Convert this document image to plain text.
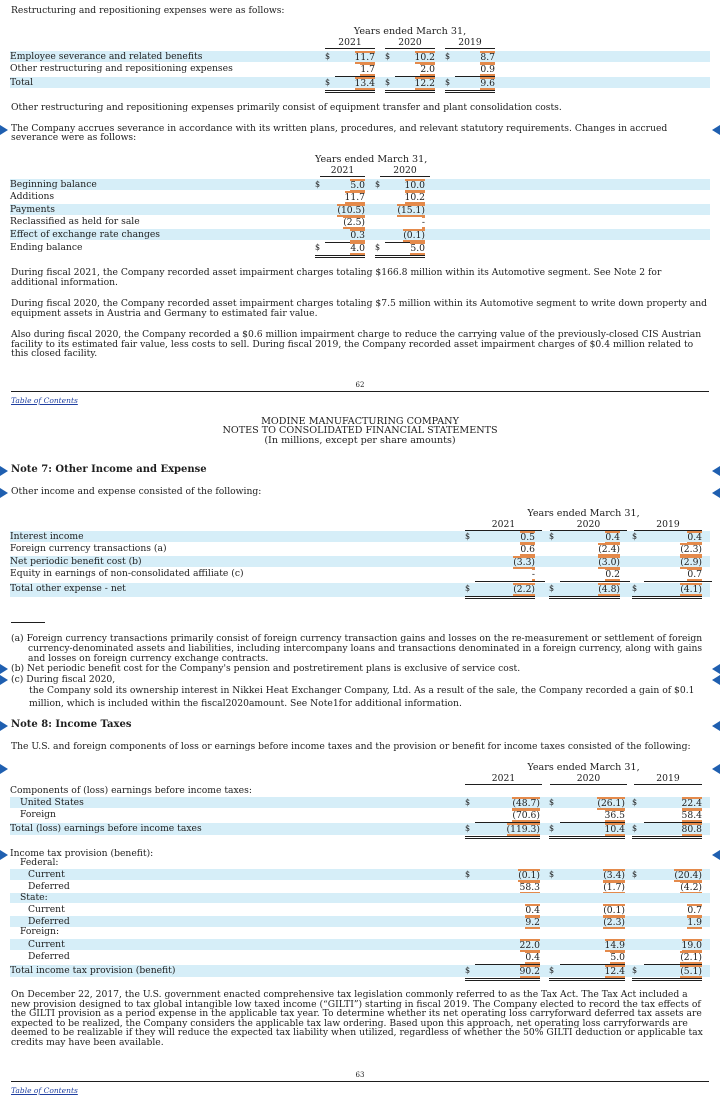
Restructuring and repositioning expenses were as follows:
Years ended March 31,
2021	2020	2019
Employee severance and related benefits	$	11.7 $	10.2 $	8.7
Other restructuring and repositioning expenses	1.7	2.0	0.9
Total	$	13.4 $	12.2 $	9.6
Other restructuring and repositioning expenses primarily consist of equipment transfer and plant consolidation costs.
The Company accrues severance in accordance with its written plans, procedures, and relevant statutory requirements. Changes in accrued severance were as follows:
Years ended March 31,
2021	2020
Beginning balance	$	5.0 $	10.0
Additions	11.7	10.2
Payments	(10.5)	(15.1)
Reclassified as held for sale	(2.5)	-
Effect of exchange rate changes	0.3	(0.1)
Ending balance	$	4.0 $	5.0
During fiscal 2021, the Company recorded asset impairment charges totaling $166.8 million within its Automotive segment. See Note 2 for additional information.
During fiscal 2020, the Company recorded asset impairment charges totaling $7.5 million within its Automotive segment to write down property and equipment assets in Austria and Germany to estimated fair value.
Also during fiscal 2020, the Company recorded a $0.6 million impairment charge to reduce the carrying value of the previously-closed CIS Austrian facility to its estimated fair value, less costs to sell. During fiscal 2019, the Company recorded asset impairment charges of $0.4 million related to this closed facility.
62
Table of Contents
MODINE MANUFACTURING COMPANY
NOTES TO CONSOLIDATED FINANCIAL STATEMENTS
(In millions, except per share amounts)
Note 7: Other Income and Expense
Other income and expense consisted of the following:
Years ended March 31,
2021	2020	2019
Interest income	$	0.5 $	0.4 $	0.4
Foreign currency transactions (a)	0.6	(2.4)	(2.3)
Net periodic benefit cost (b)	(3.3)	(3.0)	(2.9)
Equity in earnings of non-consolidated affiliate (c)	-	0.2	0.7
Total other expense - net	$	(2.2) $	(4.8) $	(4.1)
(a) Foreign currency transactions primarily consist of foreign currency transaction gains and losses on the re-measurement or settlement of foreign currency-denominated assets and liabilities, including intercompany loans and transactions denominated in a foreign currency, along with gains and losses on foreign currency exchange contracts.
(b) Net periodic benefit cost for the Company's pension and postretirement plans is exclusive of service cost.
(c) During fiscal 2020,
the Company sold its ownership interest in Nikkei Heat Exchanger Company, Ltd. As a result of the sale, the Company recorded a gain of $0.1
million, which is included within the fiscal2020amount. See Note1for additional information.
Note 8: Income Taxes
The U.S. and foreign components of loss or earnings before income taxes and the provision or benefit for income taxes consisted of the following:
Years ended March 31,
2021	2020	2019
Components of (loss) earnings before income taxes:
United States	$	(48.7) $	(26.1) $	22.4
Foreign	(70.6)	36.5	58.4
Total (loss) earnings before income taxes	$	(119.3) $	10.4 $	80.8
Income tax provision (benefit):
Federal:
Current	$	(0.1) $	(3.4) $	(20.4)
Deferred	58.3	(1.7)	(4.2)
State:
Current	0.4	(0.1)	0.7
Deferred	9.2	(2.3)	1.9
Foreign:
Current	22.0	14.9	19.0
Deferred	0.4	5.0	(2.1)
Total income tax provision (benefit)	$	90.2 $	12.4 $	(5.1)
On December 22, 2017, the U.S. government enacted comprehensive tax legislation commonly referred to as the Tax Act. The Tax Act included a new provision designed to tax global intangible low taxed income (“GILTI”) starting in fiscal 2019. The Company elected to record the tax effects of the GILTI provision as a period expense in the applicable tax year. To determine whether its net operating loss carryforward deferred tax assets are expected to be realized, the Company considers the applicable tax law ordering. Based upon this approach, net operating loss carryforwards are deemed to be realizable if they will reduce the expected tax liability when utilized, regardless of whether the 50% GILTI deduction or applicable tax credits may have been available.
63
Table of Contents
